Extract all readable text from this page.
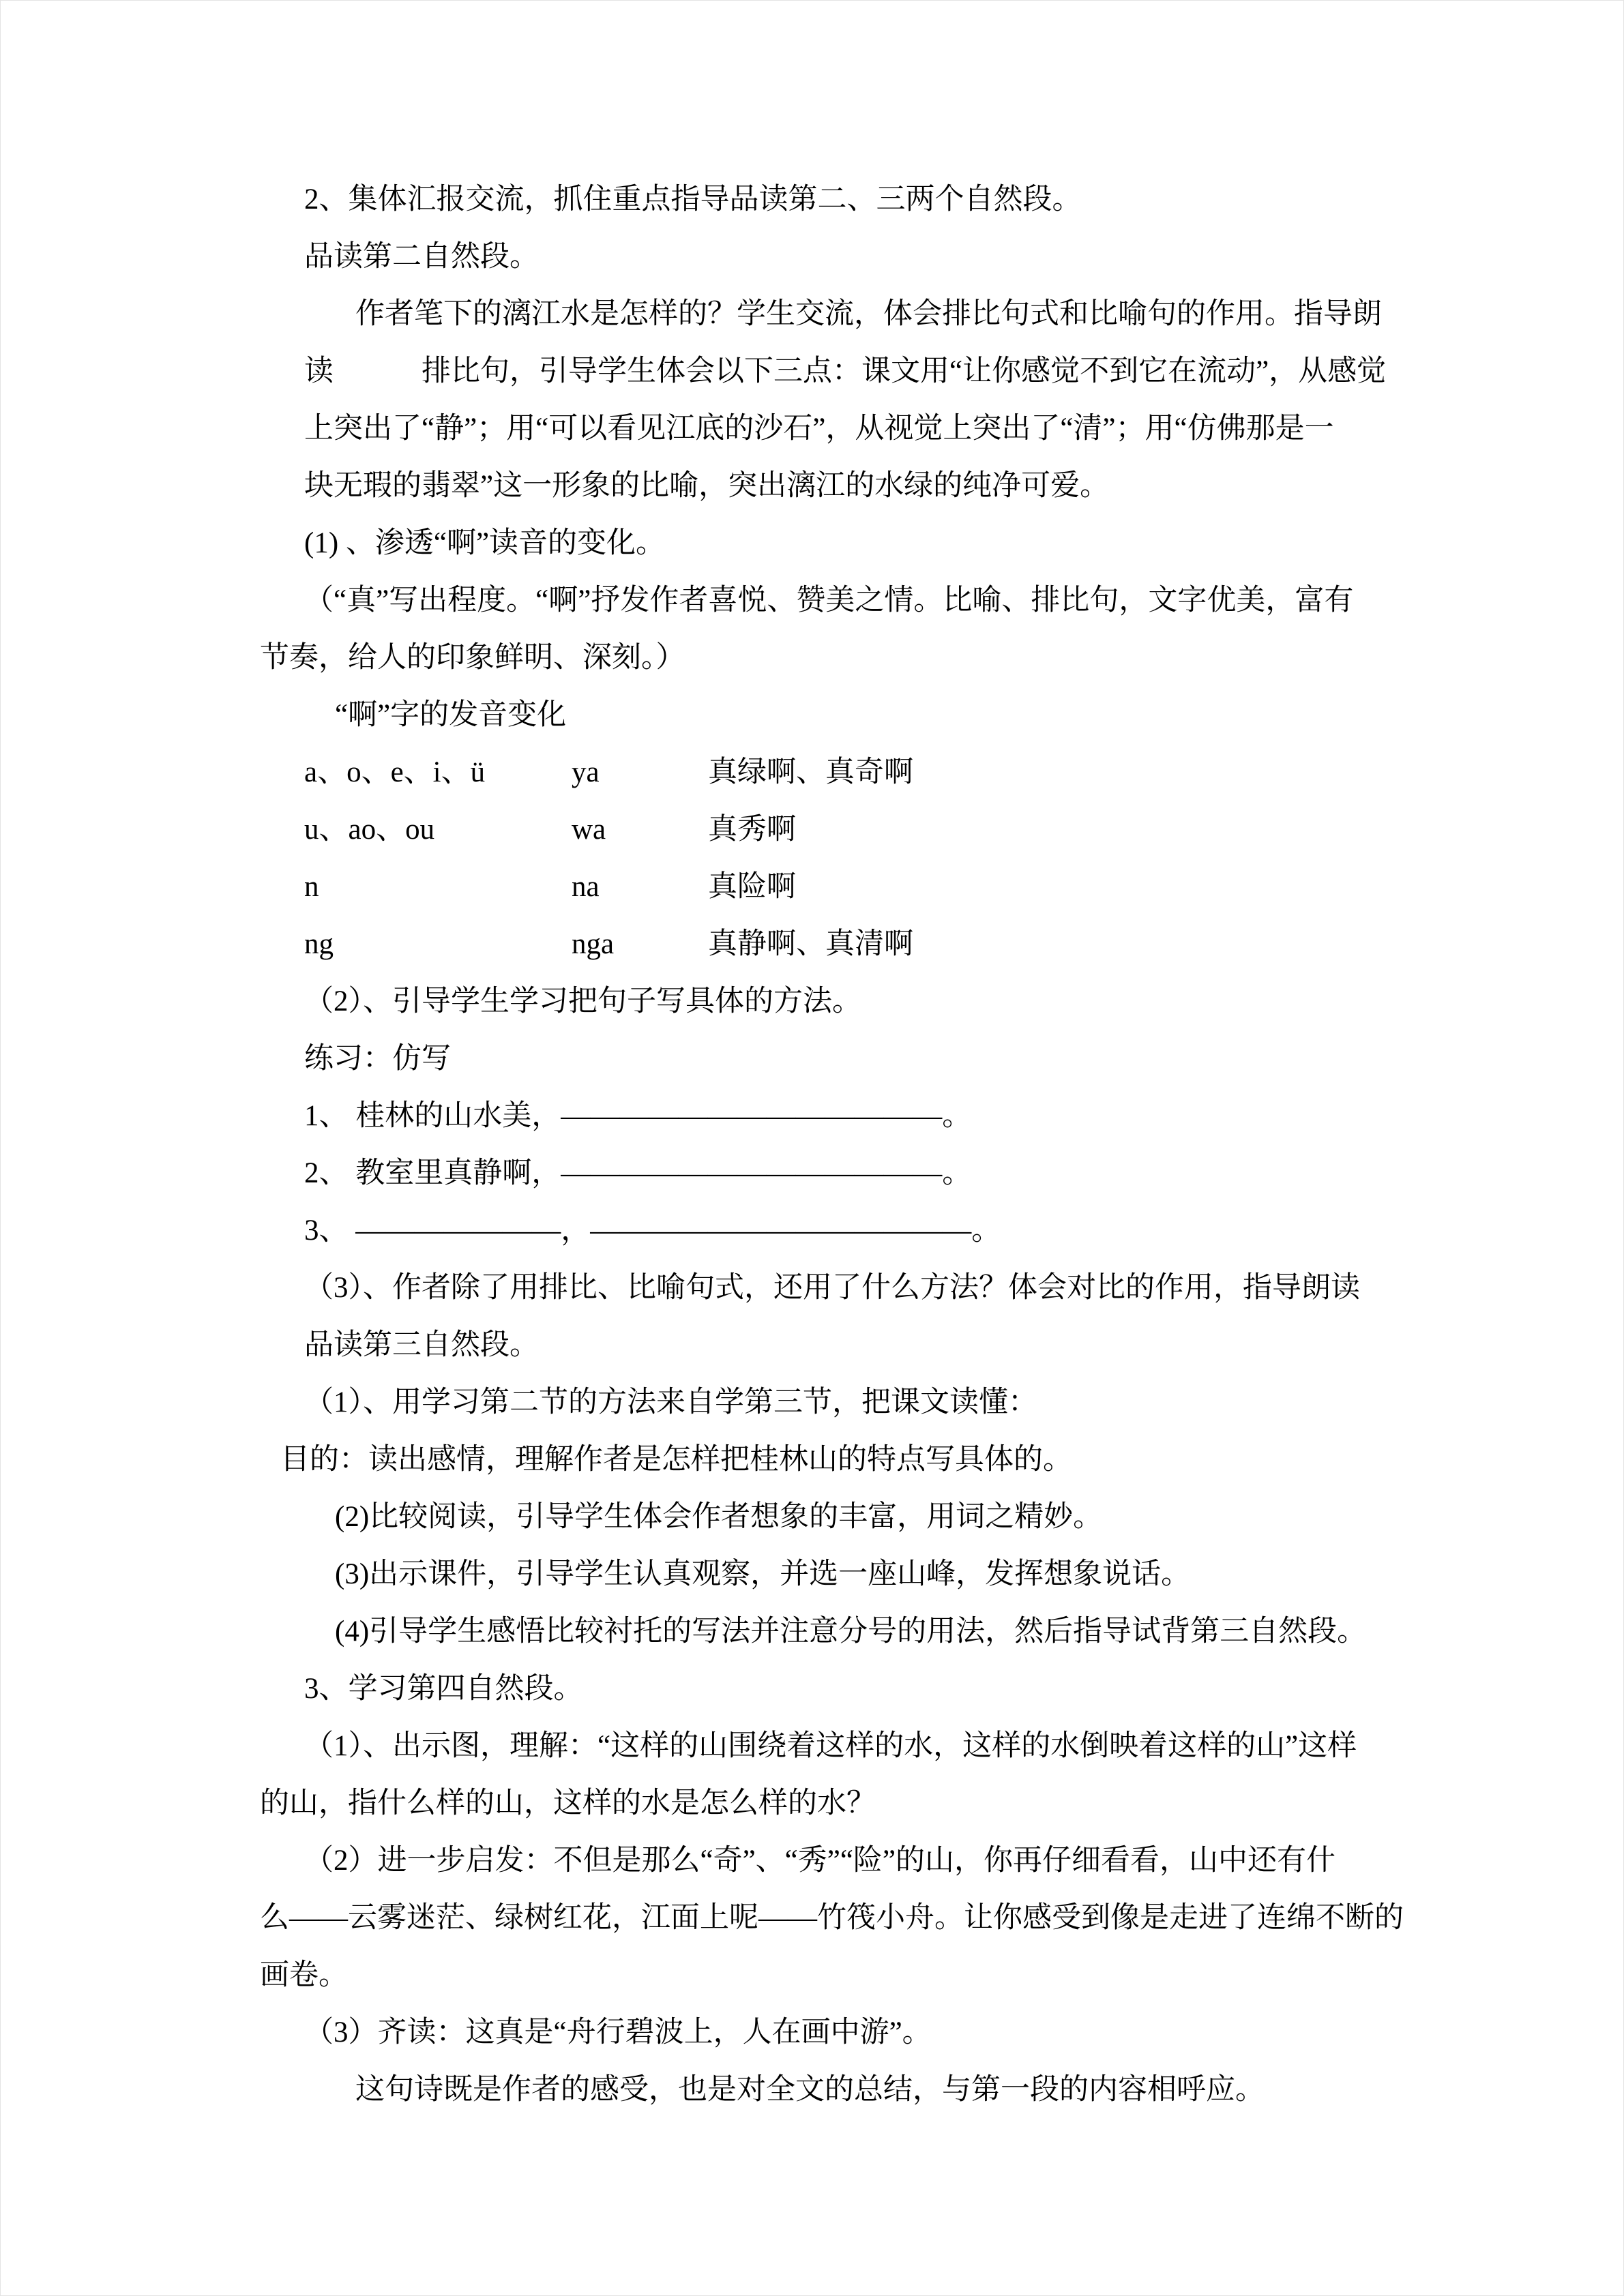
2、集体汇报交流，抓住重点指导品读第二、三两个自然段。
品读第二自然段。
作者笔下的漓江水是怎样的？学生交流，体会排比句式和比喻句的作用。指导朗
读　　　排比句，引导学生体会以下三点：课文用“让你感觉不到它在流动”，从感觉
上突出了“静”；用“可以看见江底的沙石”，从视觉上突出了“清”；用“仿佛那是一
块无瑕的翡翠”这一形象的比喻，突出漓江的水绿的纯净可爱。
(1) 、渗透“啊”读音的变化。
（“真”写出程度。“啊”抒发作者喜悦、赞美之情。比喻、排比句，文字优美，富有
节奏，给人的印象鲜明、深刻。）
“啊”字的发音变化
a、o、e、i、ü	ya	真绿啊、真奇啊
u、ao、ou	wa	真秀啊
n	na	真险啊
ng	nga	真静啊、真清啊
（2）、引导学生学习把句子写具体的方法。
练习：仿写
1、 桂林的山水美，—————————————。
2、 教室里真静啊，—————————————。
3、 ———————，—————————————。
（3）、作者除了用排比、比喻句式，还用了什么方法？体会对比的作用，指导朗读
品读第三自然段。
（1）、用学习第二节的方法来自学第三节，把课文读懂：
目的：读出感情，理解作者是怎样把桂林山的特点写具体的。
(2)比较阅读，引导学生体会作者想象的丰富，用词之精妙。
(3)出示课件，引导学生认真观察，并选一座山峰，发挥想象说话。
(4)引导学生感悟比较衬托的写法并注意分号的用法，然后指导试背第三自然段。
3、学习第四自然段。
（1）、出示图，理解：“这样的山围绕着这样的水，这样的水倒映着这样的山”这样
的山，指什么样的山，这样的水是怎么样的水？
（2）进一步启发：不但是那么“奇”、“秀”“险”的山，你再仔细看看，山中还有什
么——云雾迷茫、绿树红花，江面上呢——竹筏小舟。让你感受到像是走进了连绵不断的
画卷。
（3）齐读：这真是“舟行碧波上，人在画中游”。
这句诗既是作者的感受，也是对全文的总结，与第一段的内容相呼应。
